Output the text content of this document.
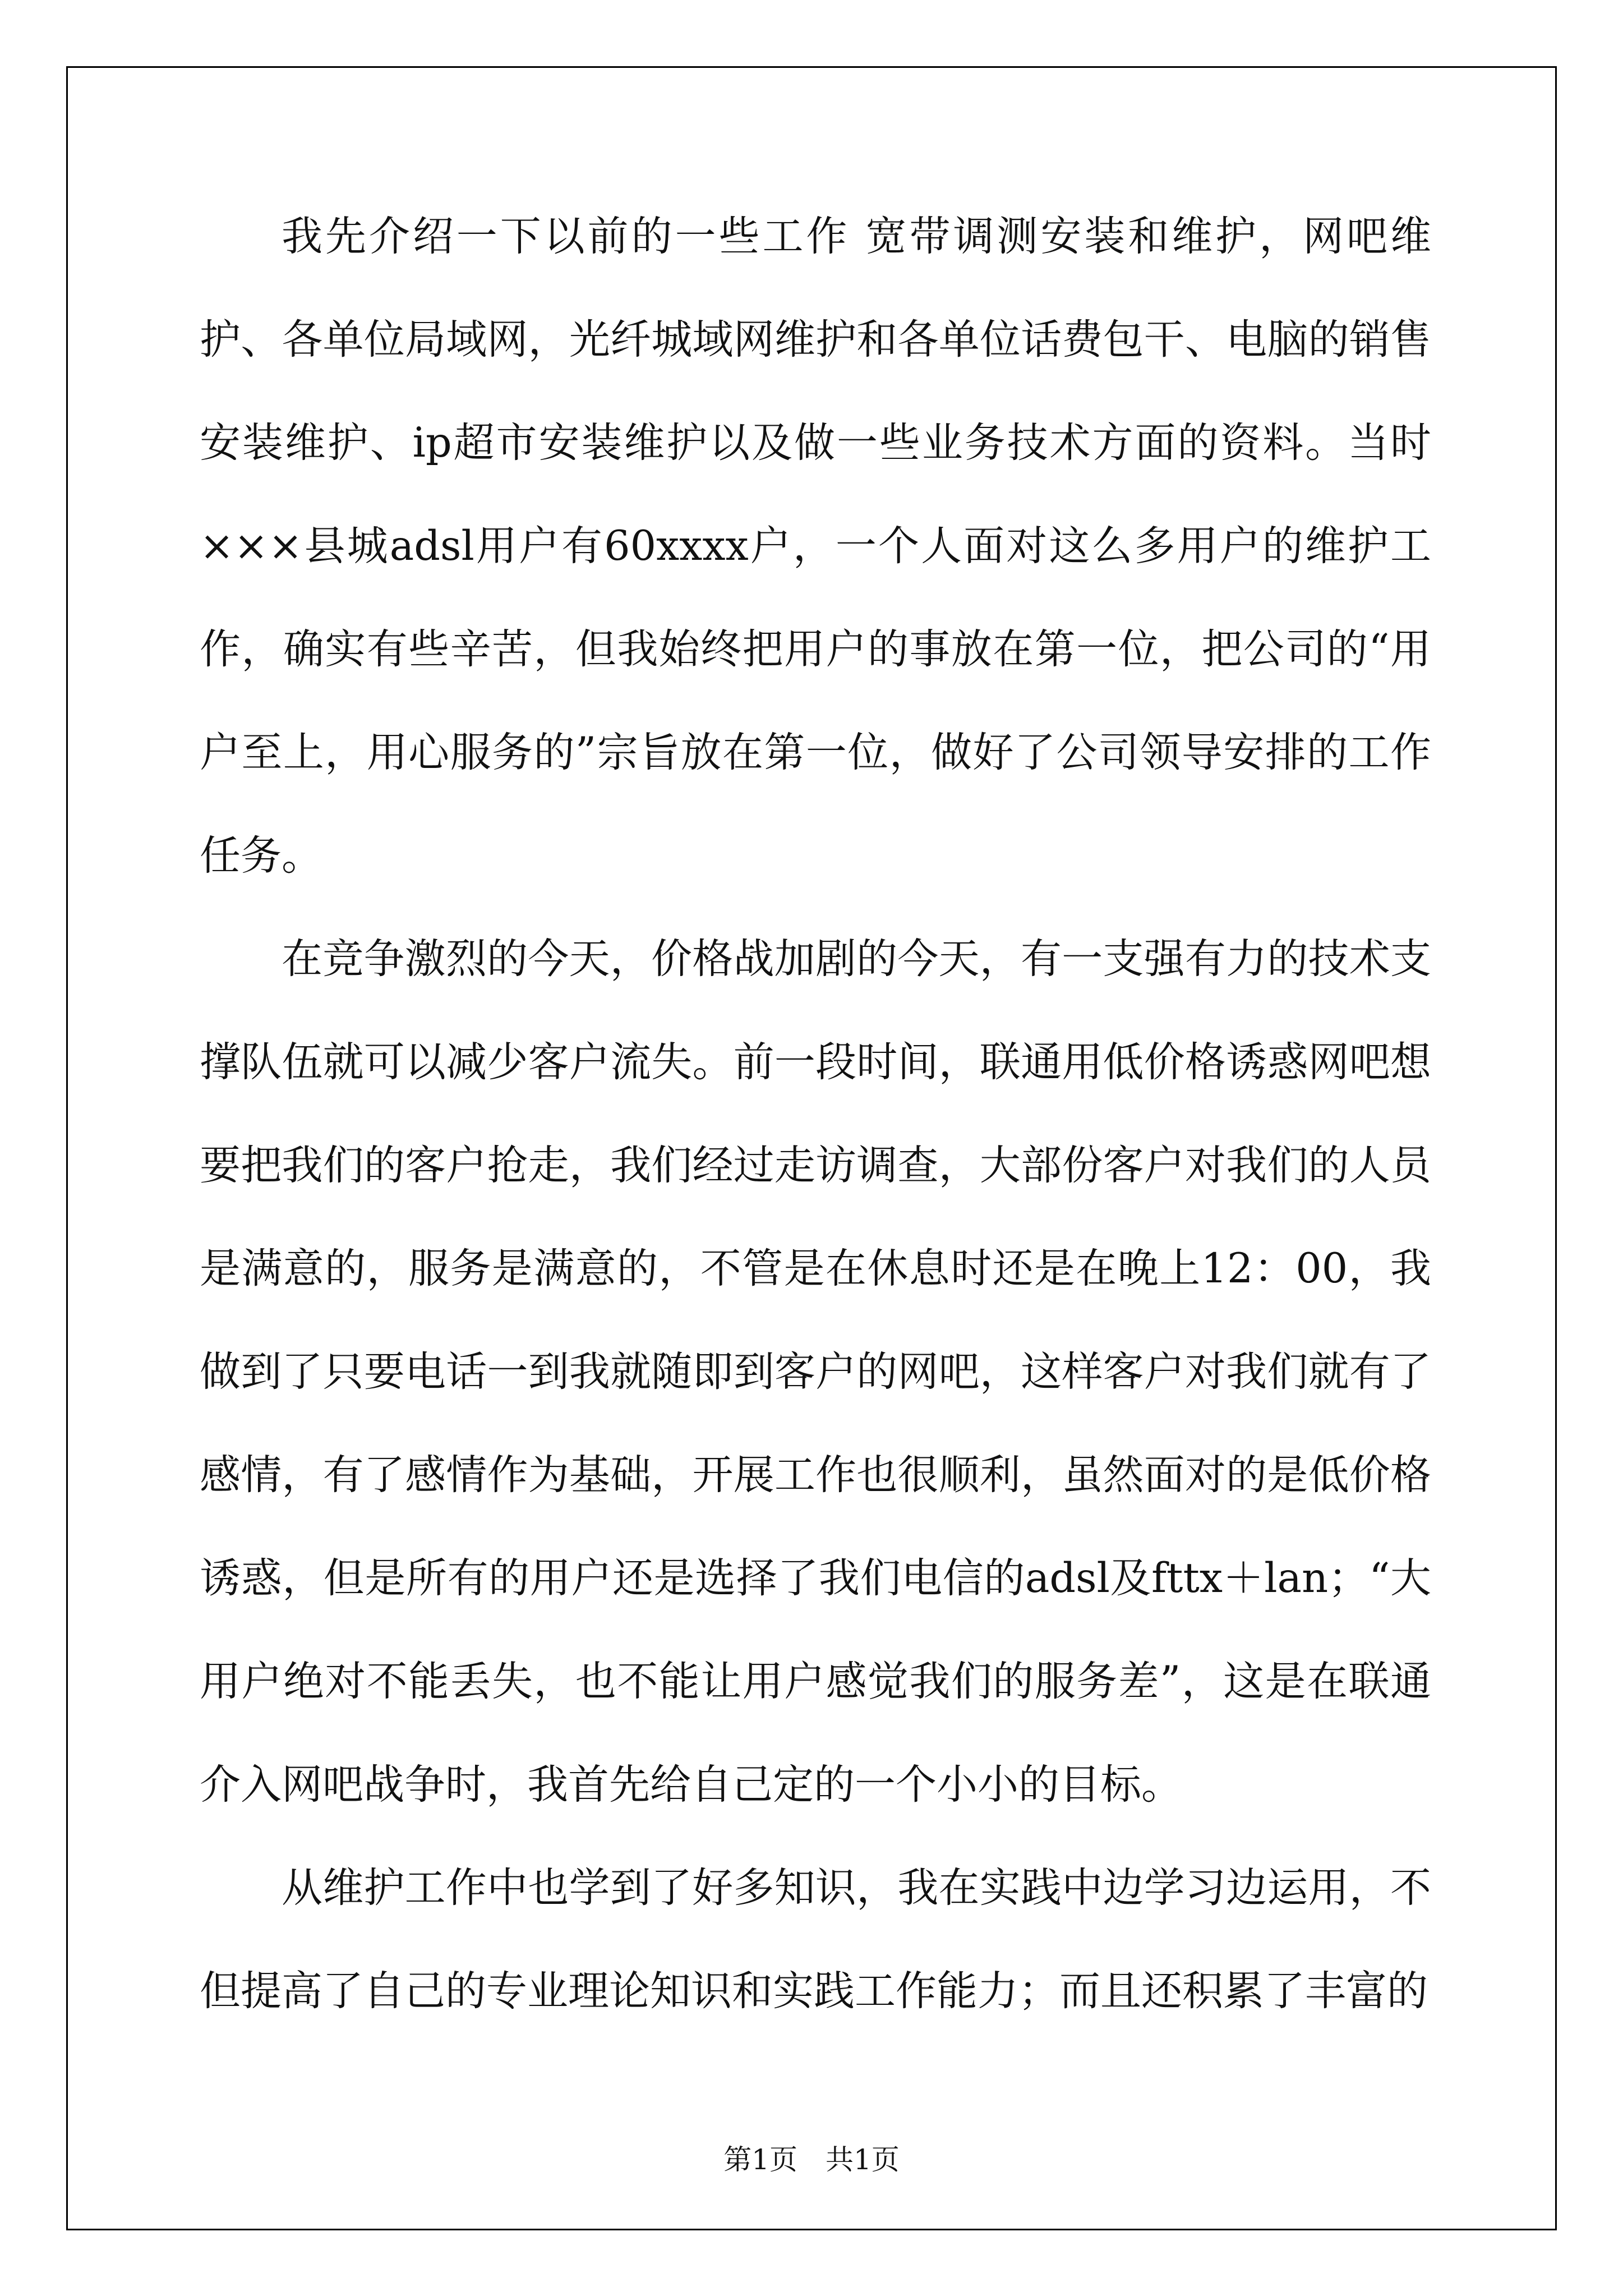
我先介绍一下以前的一些工作 宽带调测安装和维护，网吧维护、各单位局域网，光纤城域网维护和各单位话费包干、电脑的销售安装维护、ip超市安装维护以及做一些业务技术方面的资料。当时×××县城adsl用户有60xxxx户，一个人面对这么多用户的维护工作，确实有些辛苦，但我始终把用户的事放在第一位，把公司的“用户至上，用心服务的”宗旨放在第一位，做好了公司领导安排的工作任务。

在竞争激烈的今天，价格战加剧的今天，有一支强有力的技术支撑队伍就可以减少客户流失。前一段时间，联通用低价格诱惑网吧想要把我们的客户抢走，我们经过走访调查，大部份客户对我们的人员是满意的，服务是满意的，不管是在休息时还是在晚上12：00，我做到了只要电话一到我就随即到客户的网吧，这样客户对我们就有了感情，有了感情作为基础，开展工作也很顺利，虽然面对的是低价格诱惑，但是所有的用户还是选择了我们电信的adsl及fttx＋lan；“大用户绝对不能丢失，也不能让用户感觉我们的服务差”，这是在联通介入网吧战争时，我首先给自己定的一个小小的目标。

从维护工作中也学到了好多知识，我在实践中边学习边运用，不但提高了自己的专业理论知识和实践工作能力；而且还积累了丰富的

第1页　共1页
